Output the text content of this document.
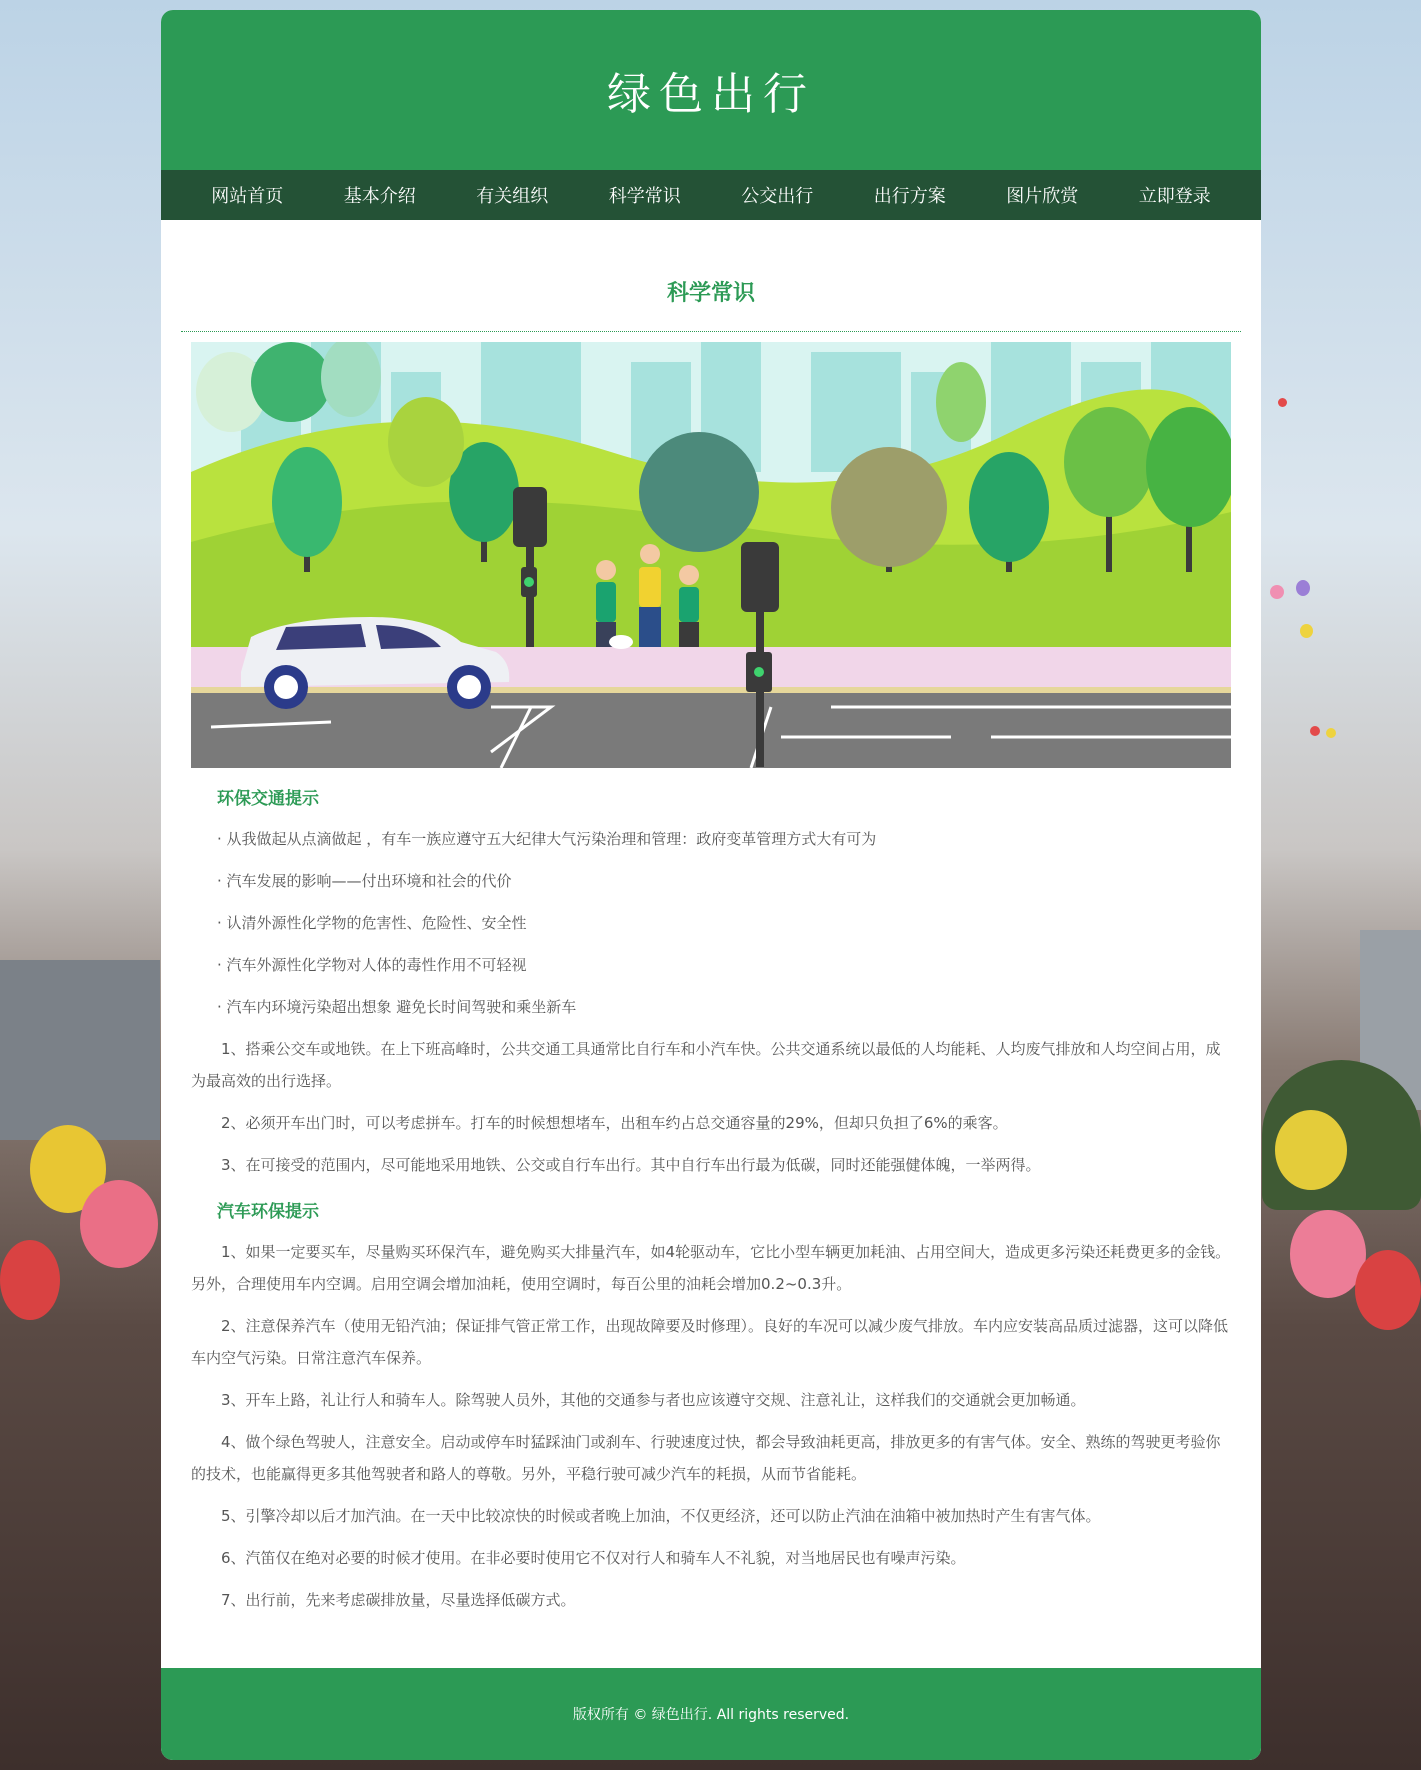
绿色出行
网站首页	基本介绍	有关组织	科学常识	公交出行	出行方案	图片欣赏	立即登录
科学常识
环保交通提示

· 从我做起从点滴做起 ，有车一族应遵守五大纪律大气污染治理和管理：政府变革管理方式大有可为

· 汽车发展的影响——付出环境和社会的代价

· 认清外源性化学物的危害性、危险性、安全性

· 汽车外源性化学物对人体的毒性作用不可轻视

· 汽车内环境污染超出想象 避免长时间驾驶和乘坐新车

1、搭乘公交车或地铁。在上下班高峰时，公共交通工具通常比自行车和小汽车快。公共交通系统以最低的人均能耗、人均废气排放和人均空间占用，成为最高效的出行选择。

2、必须开车出门时，可以考虑拼车。打车的时候想想堵车，出租车约占总交通容量的29%，但却只负担了6%的乘客。

3、在可接受的范围内，尽可能地采用地铁、公交或自行车出行。其中自行车出行最为低碳，同时还能强健体魄，一举两得。

汽车环保提示

1、如果一定要买车，尽量购买环保汽车，避免购买大排量汽车，如4轮驱动车，它比小型车辆更加耗油、占用空间大，造成更多污染还耗费更多的金钱。另外，合理使用车内空调。启用空调会增加油耗，使用空调时，每百公里的油耗会增加0.2~0.3升。

2、注意保养汽车（使用无铅汽油；保证排气管正常工作，出现故障要及时修理）。良好的车况可以减少废气排放。车内应安装高品质过滤器，这可以降低车内空气污染。日常注意汽车保养。

3、开车上路，礼让行人和骑车人。除驾驶人员外，其他的交通参与者也应该遵守交规、注意礼让，这样我们的交通就会更加畅通。

4、做个绿色驾驶人，注意安全。启动或停车时猛踩油门或刹车、行驶速度过快，都会导致油耗更高，排放更多的有害气体。安全、熟练的驾驶更考验你的技术，也能赢得更多其他驾驶者和路人的尊敬。另外，平稳行驶可减少汽车的耗损，从而节省能耗。

5、引擎冷却以后才加汽油。在一天中比较凉快的时候或者晚上加油，不仅更经济，还可以防止汽油在油箱中被加热时产生有害气体。

6、汽笛仅在绝对必要的时候才使用。在非必要时使用它不仅对行人和骑车人不礼貌，对当地居民也有噪声污染。

7、出行前，先来考虑碳排放量，尽量选择低碳方式。

版权所有 © 绿色出行. All rights reserved.
